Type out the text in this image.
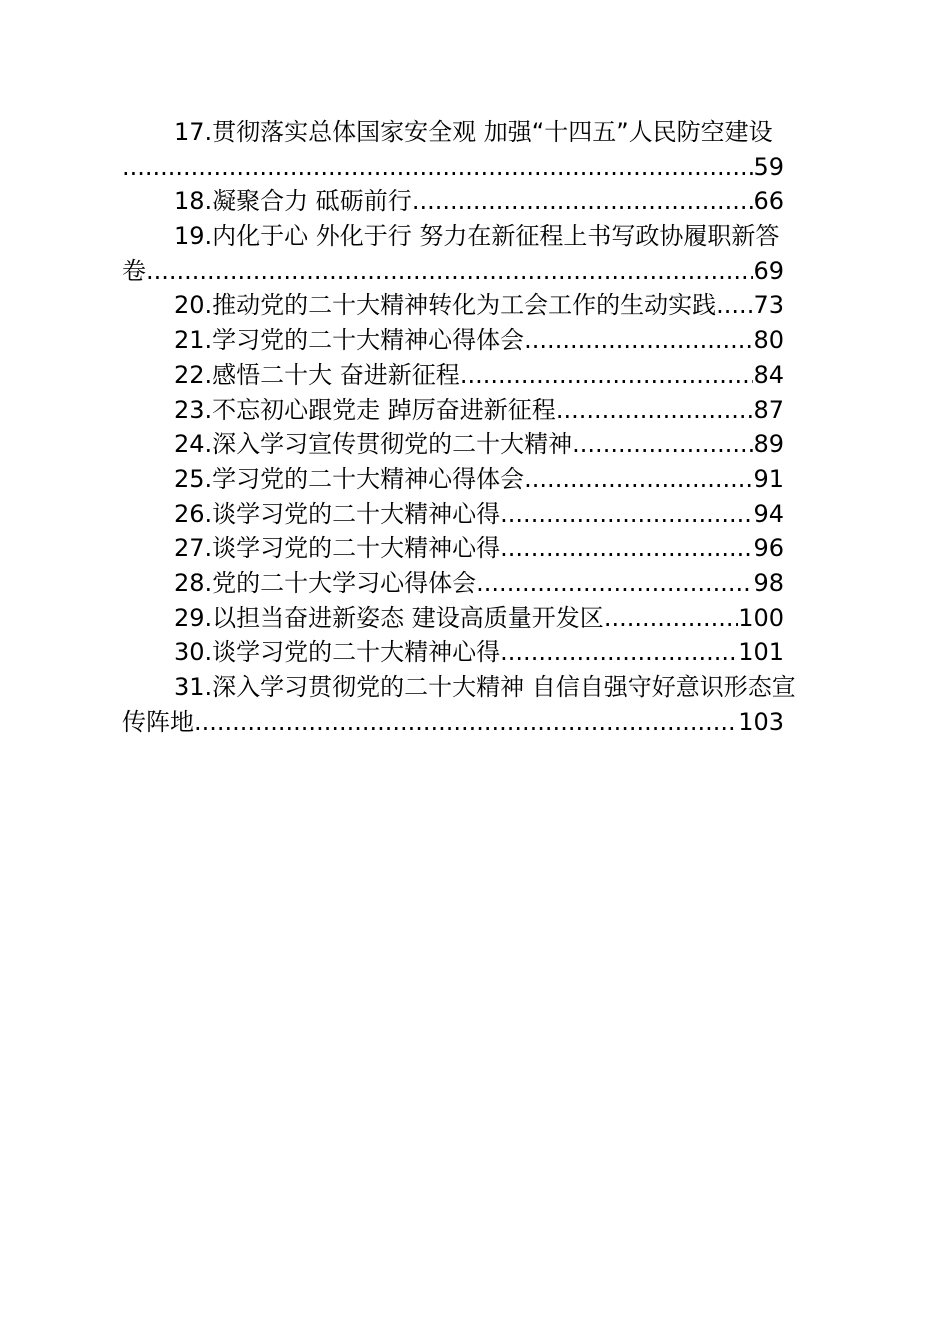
17. 贯彻落实总体国家安全观 加强“十四五”人民防空建设
.....
59
18. 凝聚合力 砥砺前行 .....	66
19. 内化于心 外化于行 努力在新征程上书写政协履职新答
卷 .....	69
20. 推动党的二十大精神转化为工会工作的生动实践 ..... 73
21. 学习党的二十大精神心得体会 .....	80
22. 感悟二十大 奋进新征程 .....	84
23. 不忘初心跟党走 踔厉奋进新征程 .....	87
24. 深入学习宣传贯彻党的二十大精神 .....	89
25. 学习党的二十大精神心得体会 .....	91
26. 谈学习党的二十大精神心得 .....	94
27. 谈学习党的二十大精神心得 .....	96
28. 党的二十大学习心得体会 .....	98
29. 以担当奋进新姿态 建设高质量开发区 .....	100
30. 谈学习党的二十大精神心得 .....	101
31. 深入学习贯彻党的二十大精神 自信自强守好意识形态宣
传阵地 .....	103
